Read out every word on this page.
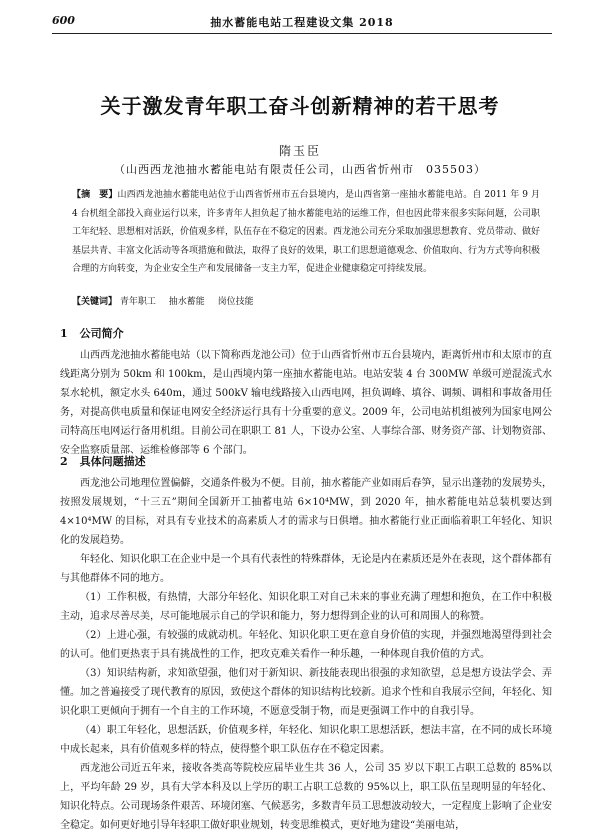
600	抽水蓄能电站工程建设文集 2018
关于激发青年职工奋斗创新精神的若干思考
隋玉臣
（山西西龙池抽水蓄能电站有限责任公司，山西省忻州市　035503）
【摘　要】山西西龙池抽水蓄能电站位于山西省忻州市五台县境内，是山西省第一座抽水蓄能电站。自 2011 年 9 月 4 台机组全部投入商业运行以来，许多青年人担负起了抽水蓄能电站的运维工作，但也因此带来很多实际问题，公司职工年纪轻、思想相对活跃，价值观多样，队伍存在不稳定的因素。西龙池公司充分采取加强思想教育、党员带动、做好基层共青、丰富文化活动等各项措施和做法，取得了良好的效果，职工们思想道德观念、价值取向、行为方式等向积极合理的方向转变，为企业安全生产和发展储备一支主力军，促进企业健康稳定可持续发展。
【关键词】 青年职工 抽水蓄能 岗位技能
1 公司简介

山西西龙池抽水蓄能电站（以下简称西龙池公司）位于山西省忻州市五台县境内，距离忻州市和太原市的直线距离分别为 50km 和 100km，是山西境内第一座抽水蓄能电站。电站安装 4 台 300MW 单级可逆混流式水泵水轮机，额定水头 640m，通过 500kV 输电线路接入山西电网，担负调峰、填谷、调频、调相和事故备用任务，对提高供电质量和保证电网安全经济运行具有十分重要的意义。2009 年，公司电站机组被列为国家电网公司特高压电网运行备用机组。目前公司在职职工 81 人，下设办公室、人事综合部、财务资产部、计划物资部、安全监察质量部、运维检修部等 6 个部门。

2 具体问题描述

西龙池公司地理位置偏僻，交通条件极为不便。目前，抽水蓄能产业如雨后春笋，显示出蓬勃的发展势头，按照发展规划，“十三五”期间全国新开工抽蓄电站 6×10⁴MW，到 2020 年，抽水蓄能电站总装机要达到 4×10⁴MW 的目标，对具有专业技术的高素质人才的需求与日俱增。抽水蓄能行业正面临着职工年轻化、知识化的发展趋势。

年轻化、知识化职工在企业中是一个具有代表性的特殊群体，无论是内在素质还是外在表现，这个群体都有与其他群体不同的地方。

（1）工作积极，有热情，大部分年轻化、知识化职工对自己未来的事业充满了理想和抱负，在工作中积极主动，追求尽善尽美，尽可能地展示自己的学识和能力，努力想得到企业的认可和周围人的称赞。

（2）上进心强，有较强的成就动机。年轻化、知识化职工更在意自身价值的实现，并强烈地渴望得到社会的认可。他们更热衷于具有挑战性的工作，把攻克难关看作一种乐趣，一种体现自我价值的方式。

（3）知识结构新，求知欲望强，他们对于新知识、新技能表现出很强的求知欲望，总是想方设法学会、弄懂。加之普遍接受了现代教育的原因，致使这个群体的知识结构比较新。追求个性和自我展示空间，年轻化、知识化职工更倾向于拥有一个自主的工作环境，不愿意受制于物，而是更强调工作中的自我引导。

（4）职工年轻化，思想活跃，价值观多样，年轻化、知识化职工思想活跃，想法丰富，在不同的成长环境中成长起来，具有价值观多样的特点，使得整个职工队伍存在不稳定因素。

西龙池公司近五年来，接收各类高等院校应届毕业生共 36 人，公司 35 岁以下职工占职工总数的 85%以上，平均年龄 29 岁，具有大学本科及以上学历的职工占职工总数的 95%以上，职工队伍呈现明显的年轻化、知识化特点。公司现场条件艰苦、环境闭塞、气候恶劣，多数青年员工思想波动较大，一定程度上影响了企业安全稳定。如何更好地引导年轻职工做好职业规划，转变思维模式，更好地为建设“美丽电站，
